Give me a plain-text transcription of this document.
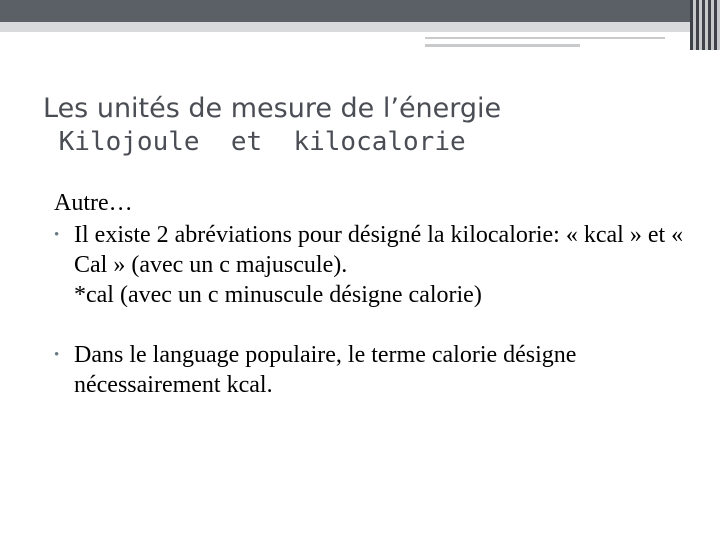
Les unités de mesure de l’énergie
Kilojoule  et  kilocalorie

Autre…

• Il existe 2 abréviations pour désigné la kilocalorie: « kcal » et « Cal » (avec un c majuscule).
*cal (avec un c minuscule désigne calorie)
• Dans le language populaire, le terme calorie désigne nécessairement kcal.
